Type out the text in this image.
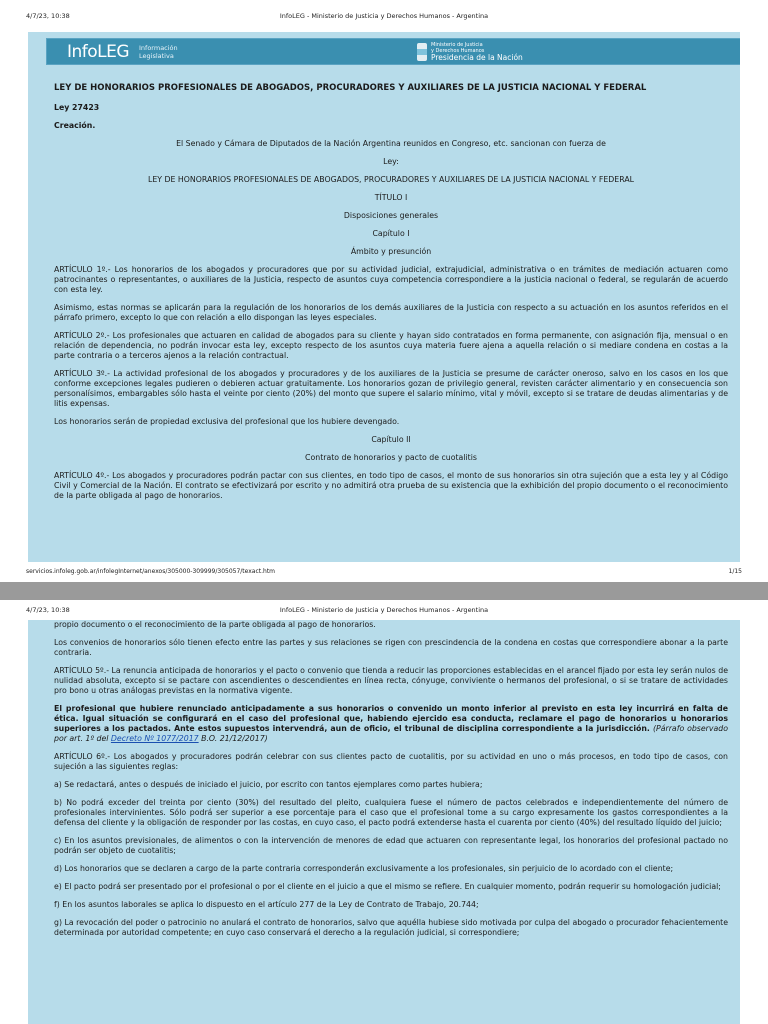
4/7/23, 10:38	InfoLEG - Ministerio de Justicia y Derechos Humanos - Argentina
InfoLEG Información
Legislativa
Ministerio de Justicia
y Derechos Humanos
Presidencia de la Nación

LEY DE HONORARIOS PROFESIONALES DE ABOGADOS, PROCURADORES Y AUXILIARES DE LA JUSTICIA NACIONAL Y FEDERAL

Ley 27423

Creación.

El Senado y Cámara de Diputados de la Nación Argentina reunidos en Congreso, etc. sancionan con fuerza de

Ley:

LEY DE HONORARIOS PROFESIONALES DE ABOGADOS, PROCURADORES Y AUXILIARES DE LA JUSTICIA NACIONAL Y FEDERAL

TÍTULO I

Disposiciones generales

Capítulo I

Ámbito y presunción

ARTÍCULO 1º.- Los honorarios de los abogados y procuradores que por su actividad judicial, extrajudicial, administrativa o en trámites de mediación actuaren como patrocinantes o representantes, o auxiliares de la Justicia, respecto de asuntos cuya competencia correspondiere a la justicia nacional o federal, se regularán de acuerdo con esta ley.

Asimismo, estas normas se aplicarán para la regulación de los honorarios de los demás auxiliares de la Justicia con respecto a su actuación en los asuntos referidos en el párrafo primero, excepto lo que con relación a ello dispongan las leyes especiales.

ARTÍCULO 2º.- Los profesionales que actuaren en calidad de abogados para su cliente y hayan sido contratados en forma permanente, con asignación fija, mensual o en relación de dependencia, no podrán invocar esta ley, excepto respecto de los asuntos cuya materia fuere ajena a aquella relación o si mediare condena en costas a la parte contraria o a terceros ajenos a la relación contractual.

ARTÍCULO 3º.- La actividad profesional de los abogados y procuradores y de los auxiliares de la Justicia se presume de carácter oneroso, salvo en los casos en los que conforme excepciones legales pudieren o debieren actuar gratuitamente. Los honorarios gozan de privilegio general, revisten carácter alimentario y en consecuencia son personalísimos, embargables sólo hasta el veinte por ciento (20%) del monto que supere el salario mínimo, vital y móvil, excepto si se tratare de deudas alimentarias y de litis expensas.

Los honorarios serán de propiedad exclusiva del profesional que los hubiere devengado.

Capítulo II

Contrato de honorarios y pacto de cuotalitis

ARTÍCULO 4º.- Los abogados y procuradores podrán pactar con sus clientes, en todo tipo de casos, el monto de sus honorarios sin otra sujeción que a esta ley y al Código Civil y Comercial de la Nación. El contrato se efectivizará por escrito y no admitirá otra prueba de su existencia que la exhibición del propio documento o el reconocimiento de la parte obligada al pago de honorarios.

servicios.infoleg.gob.ar/infolegInternet/anexos/305000-309999/305057/texact.htm	1/15
4/7/23, 10:38	InfoLEG - Ministerio de Justicia y Derechos Humanos - Argentina

propio documento o el reconocimiento de la parte obligada al pago de honorarios.

Los convenios de honorarios sólo tienen efecto entre las partes y sus relaciones se rigen con prescindencia de la condena en costas que correspondiere abonar a la parte contraria.

ARTÍCULO 5º.- La renuncia anticipada de honorarios y el pacto o convenio que tienda a reducir las proporciones establecidas en el arancel fijado por esta ley serán nulos de nulidad absoluta, excepto si se pactare con ascendientes o descendientes en línea recta, cónyuge, conviviente o hermanos del profesional, o si se tratare de actividades pro bono u otras análogas previstas en la normativa vigente.

El profesional que hubiere renunciado anticipadamente a sus honorarios o convenido un monto inferior al previsto en esta ley incurrirá en falta de ética. Igual situación se configurará en el caso del profesional que, habiendo ejercido esa conducta, reclamare el pago de honorarios u honorarios superiores a los pactados. Ante estos supuestos intervendrá, aun de oficio, el tribunal de disciplina correspondiente a la jurisdicción. (Párrafo observado por art. 1º del Decreto Nº 1077/2017 B.O. 21/12/2017)

ARTÍCULO 6º.- Los abogados y procuradores podrán celebrar con sus clientes pacto de cuotalitis, por su actividad en uno o más procesos, en todo tipo de casos, con sujeción a las siguientes reglas:

a) Se redactará, antes o después de iniciado el juicio, por escrito con tantos ejemplares como partes hubiera;

b) No podrá exceder del treinta por ciento (30%) del resultado del pleito, cualquiera fuese el número de pactos celebrados e independientemente del número de profesionales intervinientes. Sólo podrá ser superior a ese porcentaje para el caso que el profesional tome a su cargo expresamente los gastos correspondientes a la defensa del cliente y la obligación de responder por las costas, en cuyo caso, el pacto podrá extenderse hasta el cuarenta por ciento (40%) del resultado líquido del juicio;

c) En los asuntos previsionales, de alimentos o con la intervención de menores de edad que actuaren con representante legal, los honorarios del profesional pactado no podrán ser objeto de cuotalitis;

d) Los honorarios que se declaren a cargo de la parte contraria corresponderán exclusivamente a los profesionales, sin perjuicio de lo acordado con el cliente;

e) El pacto podrá ser presentado por el profesional o por el cliente en el juicio a que el mismo se refiere. En cualquier momento, podrán requerir su homologación judicial;

f) En los asuntos laborales se aplica lo dispuesto en el artículo 277 de la Ley de Contrato de Trabajo, 20.744;

g) La revocación del poder o patrocinio no anulará el contrato de honorarios, salvo que aquélla hubiese sido motivada por culpa del abogado o procurador fehacientemente determinada por autoridad competente; en cuyo caso conservará el derecho a la regulación judicial, si correspondiere;
